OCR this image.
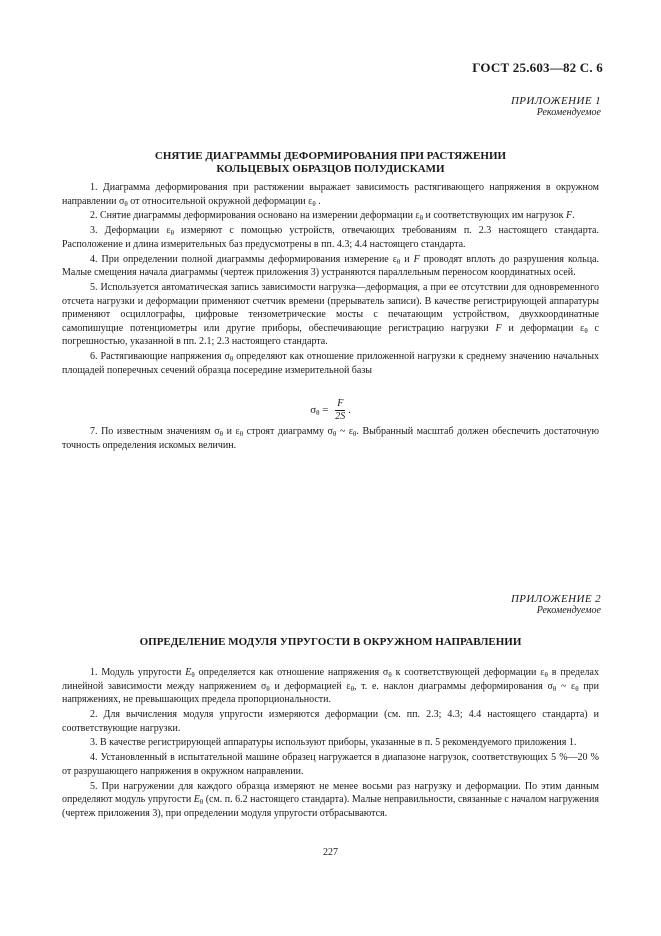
ГОСТ 25.603—82 С. 6
ПРИЛОЖЕНИЕ 1
Рекомендуемое
СНЯТИЕ ДИАГРАММЫ ДЕФОРМИРОВАНИЯ ПРИ РАСТЯЖЕНИИ
КОЛЬЦЕВЫХ ОБРАЗЦОВ ПОЛУДИСКАМИ

1. Диаграмма деформирования при растяжении выражает зависимость растягивающего напряжения в окружном направлении $\sigma_\theta$ от относительной окружной деформации $\varepsilon_\theta$ .

2. Снятие диаграммы деформирования основано на измерении деформации $\varepsilon_\theta$ и соответствующих им нагрузок F.

3. Деформации $\varepsilon_\theta$ измеряют с помощью устройств, отвечающих требованиям п. 2.3 настоящего стандарта. Расположение и длина измерительных баз предусмотрены в пп. 4.3; 4.4 настоящего стандарта.

4. При определении полной диаграммы деформирования измерение $\varepsilon_\theta$ и F проводят вплоть до разрушения кольца. Малые смещения начала диаграммы (чертеж приложения 3) устраняются параллельным переносом координатных осей.

5. Используется автоматическая запись зависимости нагрузка—деформация, а при ее отсутствии для одновременного отсчета нагрузки и деформации применяют счетчик времени (прерыватель записи). В качестве регистрирующей аппаратуры применяют осциллографы, цифровые тензометрические мосты с печатающим устройством, двухкоординатные самопишущие потенциометры или другие приборы, обеспечивающие регистрацию нагрузки F и деформации $\varepsilon_\theta$ с погрешностью, указанной в пп. 2.1; 2.3 настоящего стандарта.

6. Растягивающие напряжения $\sigma_\theta$ определяют как отношение приложенной нагрузки к среднему значению начальных площадей поперечных сечений образца посередине измерительной базы

$\sigma_\theta = \frac{F}{2S}$ .

7. По известным значениям $\sigma_\theta$ и $\varepsilon_\theta$ строят диаграмму $\sigma_\theta$ ~ $\varepsilon_\theta$. Выбранный масштаб должен обеспечить достаточную точность определения искомых величин.

ПРИЛОЖЕНИЕ 2
Рекомендуемое
ОПРЕДЕЛЕНИЕ МОДУЛЯ УПРУГОСТИ В ОКРУЖНОМ НАПРАВЛЕНИИ

1. Модуль упругости $E_\theta$ определяется как отношение напряжения $\sigma_\theta$ к соответствующей деформации $\varepsilon_\theta$ в пределах линейной зависимости между напряжением $\sigma_\theta$ и деформацией $\varepsilon_\theta$, т. е. наклон диаграммы деформирования $\sigma_\theta$ ~ $\varepsilon_\theta$ при напряжениях, не превышающих предела пропорциональности.

2. Для вычисления модуля упругости измеряются деформации (см. пп. 2.3; 4.3; 4.4 настоящего стандарта) и соответствующие нагрузки.

3. В качестве регистрирующей аппаратуры используют приборы, указанные в п. 5 рекомендуемого приложения 1.

4. Установленный в испытательной машине образец нагружается в диапазоне нагрузок, соответствующих 5 %—20 % от разрушающего напряжения в окружном направлении.

5. При нагружении для каждого образца измеряют не менее восьми раз нагрузку и деформации. По этим данным определяют модуль упругости $E_\theta$ (см. п. 6.2 настоящего стандарта). Малые неправильности, связанные с началом нагружения (чертеж приложения 3), при определении модуля упругости отбрасываются.

227
